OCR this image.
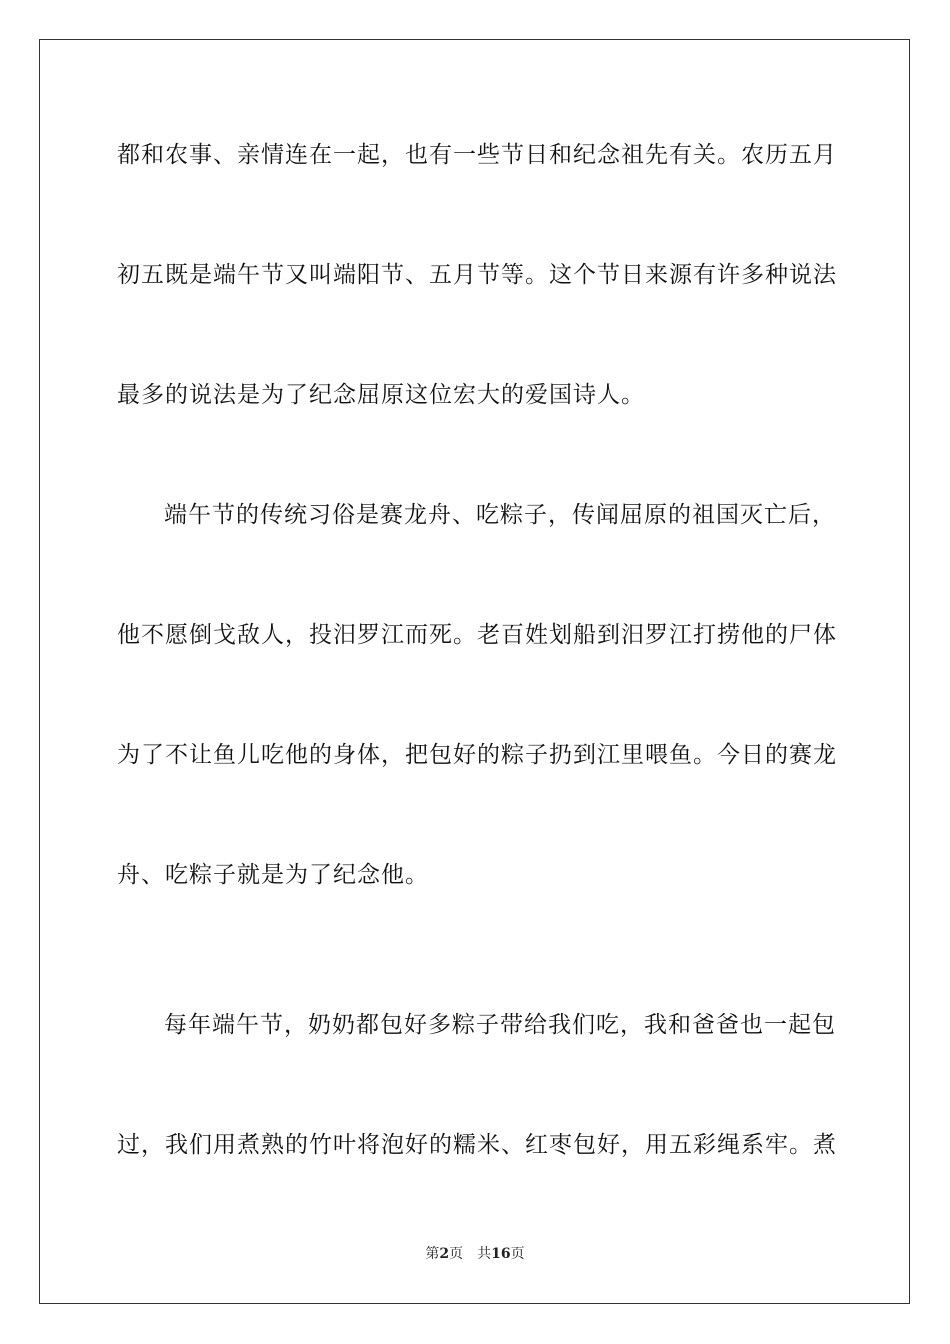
都和农事、亲情连在一起，也有一些节日和纪念祖先有关。农历五月
初五既是端午节又叫端阳节、五月节等。这个节日来源有许多种说法
最多的说法是为了纪念屈原这位宏大的爱国诗人。
端午节的传统习俗是赛龙舟、吃粽子，传闻屈原的祖国灭亡后，
他不愿倒戈敌人，投汨罗江而死。老百姓划船到汨罗江打捞他的尸体
为了不让鱼儿吃他的身体，把包好的粽子扔到江里喂鱼。今日的赛龙
舟、吃粽子就是为了纪念他。
每年端午节，奶奶都包好多粽子带给我们吃，我和爸爸也一起包
过，我们用煮熟的竹叶将泡好的糯米、红枣包好，用五彩绳系牢。煮
第2页 共16页
